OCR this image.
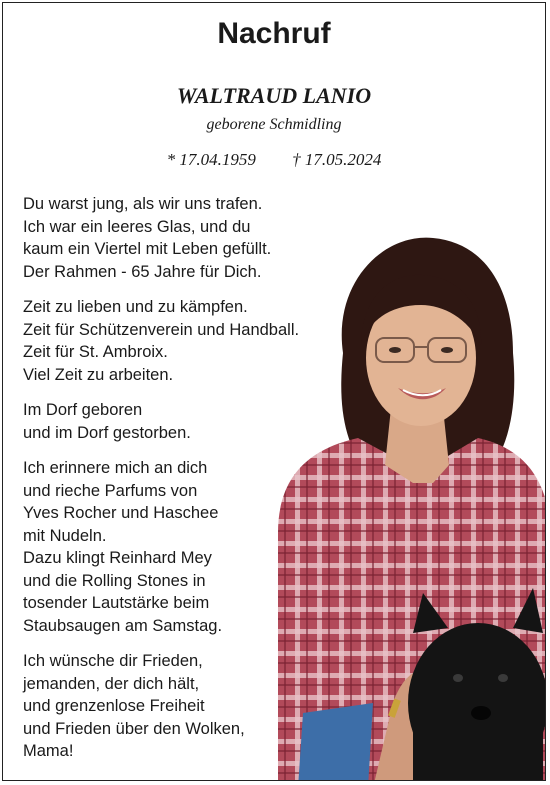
Nachruf
WALTRAUD LANIO
geborene Schmidling
* 17.04.1959 † 17.05.2024
Du warst jung, als wir uns trafen.
Ich war ein leeres Glas, und du
kaum ein Viertel mit Leben gefüllt.
Der Rahmen - 65 Jahre für Dich.
Zeit zu lieben und zu kämpfen.
Zeit für Schützenverein und Handball.
Zeit für St. Ambroix.
Viel Zeit zu arbeiten.
Im Dorf geboren
und im Dorf gestorben.
Ich erinnere mich an dich
und rieche Parfums von
Yves Rocher und Haschee
mit Nudeln.
Dazu klingt Reinhard Mey
und die Rolling Stones in
tosender Lautstärke beim
Staubsaugen am Samstag.
Ich wünsche dir Frieden,
jemanden, der dich hält,
und grenzenlose Freiheit
und Frieden über den Wolken,
Mama!
